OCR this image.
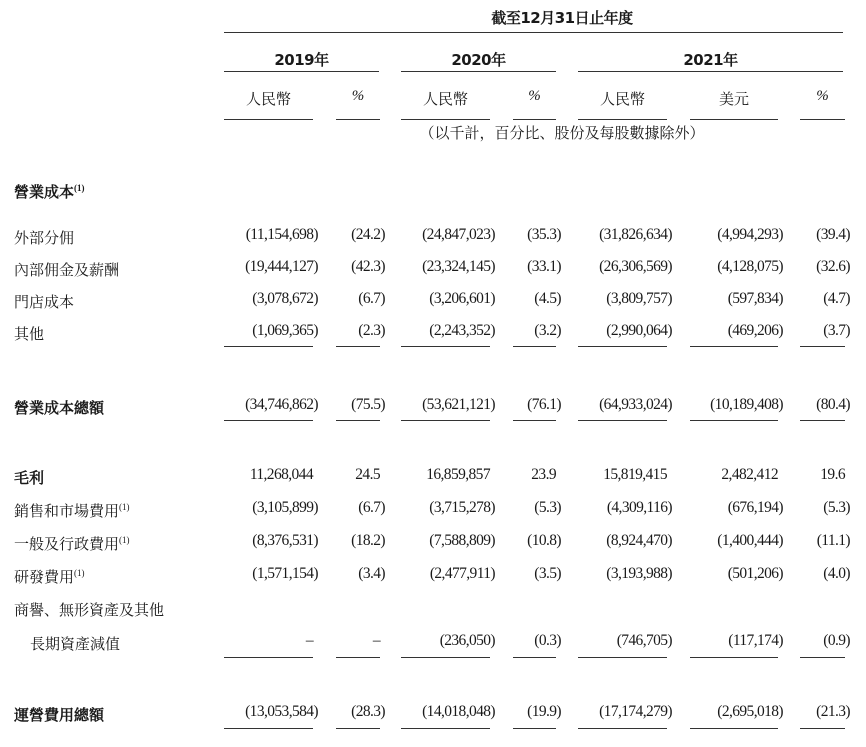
截至12月31日止年度
2019年	2020年	2021年
人民幣	%	人民幣	%	人民幣	美元	%
（以千計，百分比、股份及每股數據除外）
營業成本$^{(1)}$
外部分佣	(11,154,698)	(24.2)	(24,847,023)	(35.3)	(31,826,634)	(4,994,293)	(39.4)
內部佣金及薪酬	(19,444,127)	(42.3)	(23,324,145)	(33.1)	(26,306,569)	(4,128,075)	(32.6)
門店成本	(3,078,672)	(6.7)	(3,206,601)	(4.5)	(3,809,757)	(597,834)	(4.7)
其他	(1,069,365)	(2.3)	(2,243,352)	(3.2)	(2,990,064)	(469,206)	(3.7)
營業成本總額	(34,746,862)	(75.5)	(53,621,121)	(76.1)	(64,933,024)	(10,189,408)	(80.4)
毛利	11,268,044	24.5	16,859,857	23.9	15,819,415	2,482,412	19.6
銷售和市場費用$^{(1)}$	(3,105,899)	(6.7)	(3,715,278)	(5.3)	(4,309,116)	(676,194)	(5.3)
一般及行政費用$^{(1)}$	(8,376,531)	(18.2)	(7,588,809)	(10.8)	(8,924,470)	(1,400,444)	(11.1)
研發費用$^{(1)}$	(1,571,154)	(3.4)	(2,477,911)	(3.5)	(3,193,988)	(501,206)	(4.0)
商譽、無形資產及其他
長期資產減值	–	–	(236,050)	(0.3)	(746,705)	(117,174)	(0.9)
運營費用總額	(13,053,584)	(28.3)	(14,018,048)	(19.9)	(17,174,279)	(2,695,018)	(21.3)
